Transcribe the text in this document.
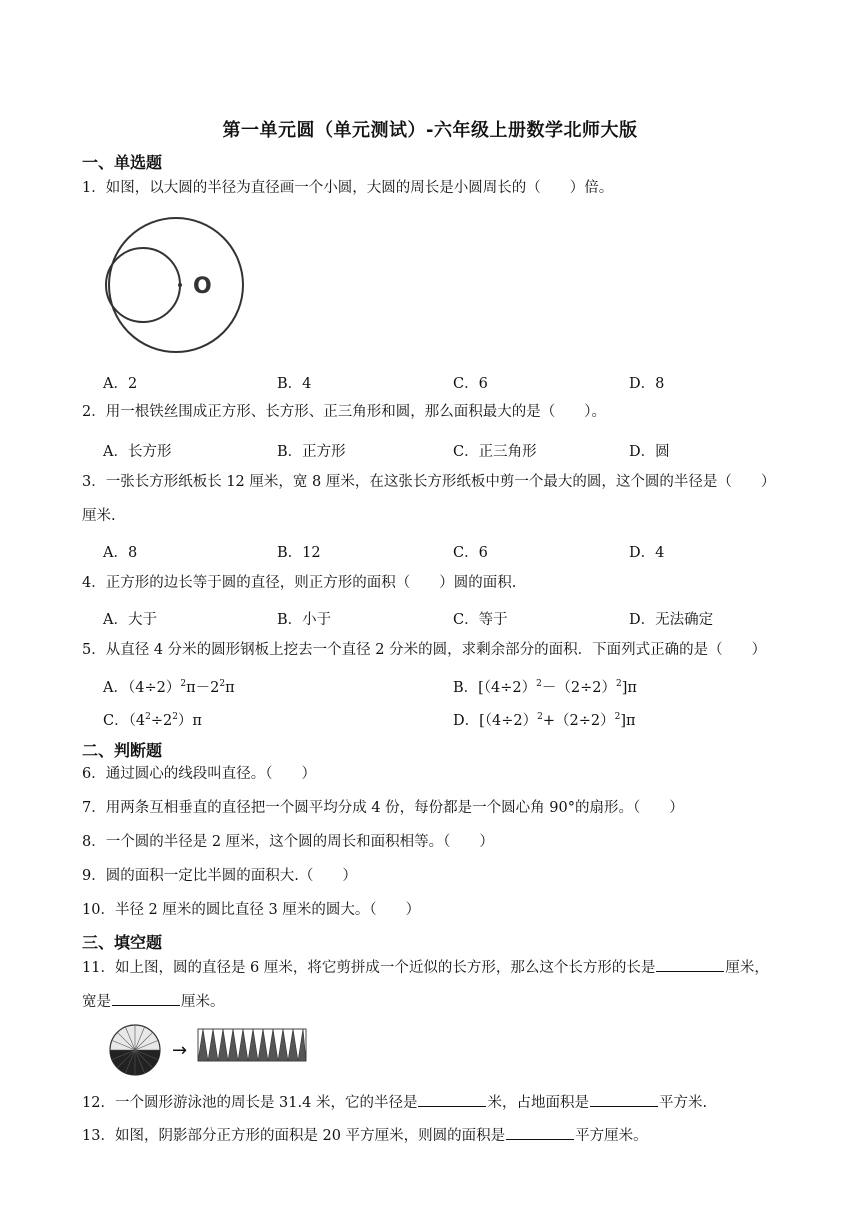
第一单元圆（单元测试）-六年级上册数学北师大版
一、单选题
1．如图，以大圆的半径为直径画一个小圆，大圆的周长是小圆周长的（　　）倍。
O
A．2	B．4	C．6	D．8
2．用一根铁丝围成正方形、长方形、正三角形和圆，那么面积最大的是（　　）。
A．长方形	B．正方形	C．正三角形	D．圆
3．一张长方形纸板长 12 厘米，宽 8 厘米，在这张长方形纸板中剪一个最大的圆，这个圆的半径是（　　）
厘米.
A．8	B．12	C．6	D．4
4．正方形的边长等于圆的直径，则正方形的面积（　　）圆的面积.
A．大于	B．小于	C．等于	D．无法确定
5．从直径 4 分米的圆形钢板上挖去一个直径 2 分米的圆，求剩余部分的面积．下面列式正确的是（　　）
A．$(4\div 2)^2\pi-2^2\pi$	B．$[(4\div 2)^2-(2\div 2)^2]\pi$
C．$(4^2\div 2^2)\pi$	D．$[(4\div 2)^2+(2\div 2)^2]\pi$
二、判断题
6．通过圆心的线段叫直径。（　　）
7．用两条互相垂直的直径把一个圆平均分成 4 份，每份都是一个圆心角 90°的扇形。（　　）
8．一个圆的半径是 2 厘米，这个圆的周长和面积相等。（　　）
9．圆的面积一定比半圆的面积大.（　　）
10．半径 2 厘米的圆比直径 3 厘米的圆大。（　　）
三、填空题
11．如上图，圆的直径是 6 厘米，将它剪拼成一个近似的长方形，那么这个长方形的长是	厘米，
宽是	厘米。
→
12．一个圆形游泳池的周长是 31.4 米，它的半径是	米，占地面积是	平方米.
13．如图，阴影部分正方形的面积是 20 平方厘米，则圆的面积是	平方厘米。
